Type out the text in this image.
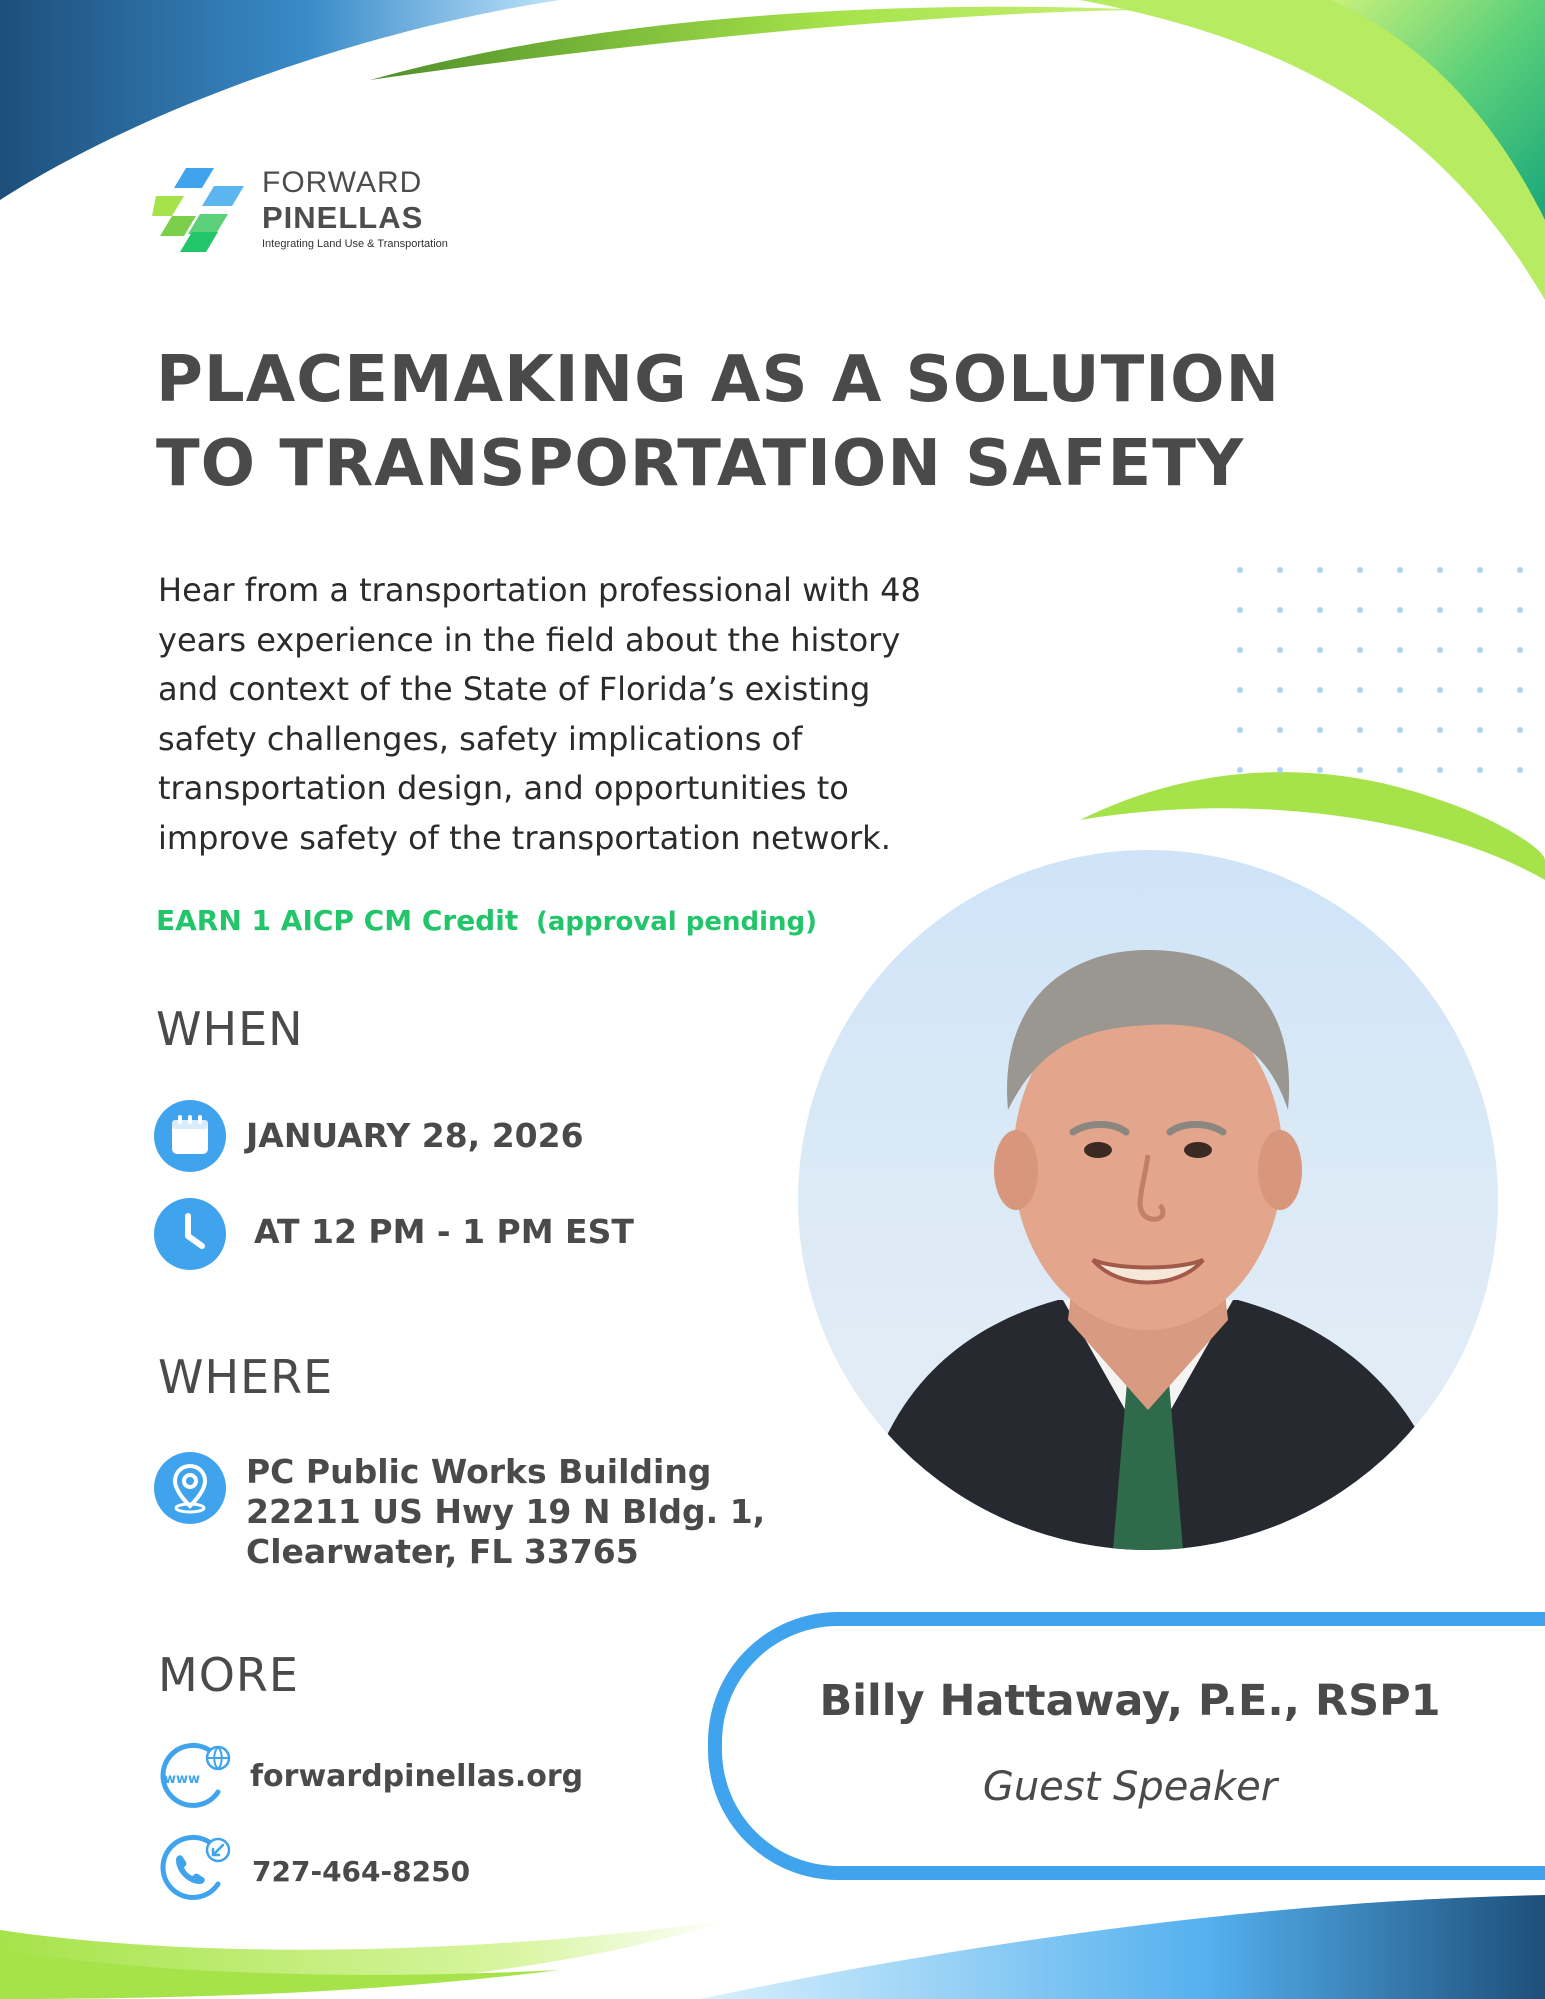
FORWARD
PINELLAS
Integrating Land Use & Transportation
PLACEMAKING AS A SOLUTION
TO TRANSPORTATION SAFETY
Hear from a transportation professional with 48
years experience in the field about the history
and context of the State of Florida’s existing
safety challenges, safety implications of
transportation design, and opportunities to
improve safety of the transportation network.
EARN 1 AICP CM Credit (approval pending)
WHEN
JANUARY 28, 2026
AT 12 PM - 1 PM EST
WHERE
PC Public Works Building
22211 US Hwy 19 N Bldg. 1,
Clearwater, FL 33765
MORE
www forwardpinellas.org
727-464-8250
Billy Hattaway, P.E., RSP1
Guest Speaker
